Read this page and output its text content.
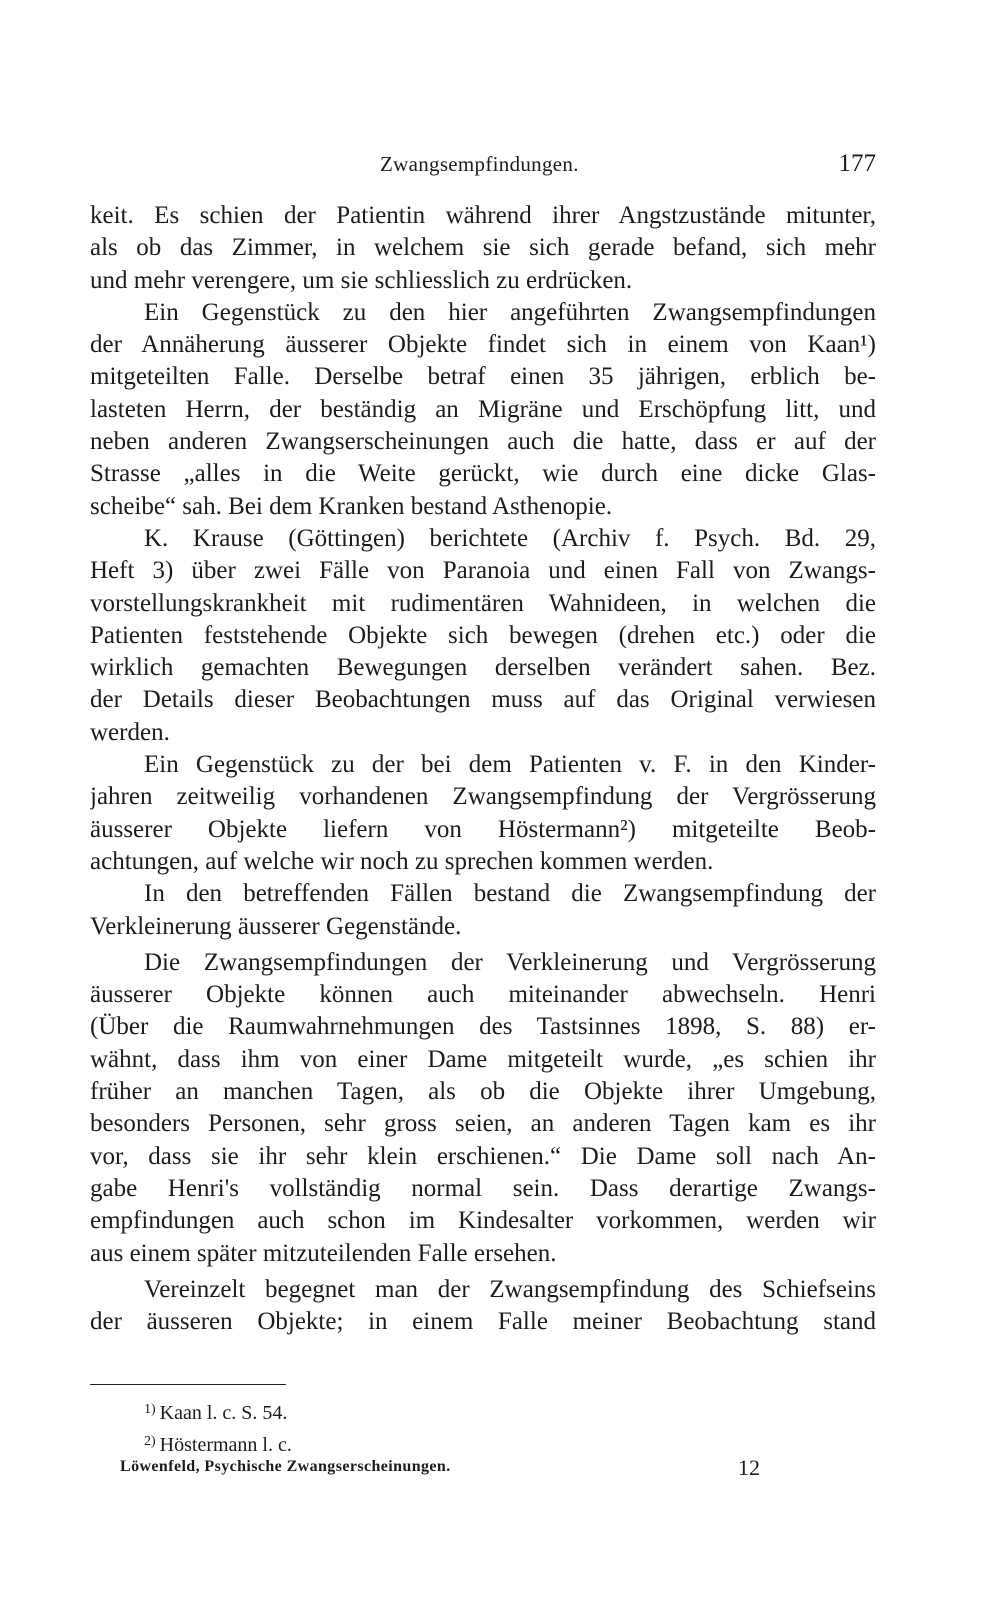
Zwangsempfindungen.	177
keit. Es schien der Patientin während ihrer Angstzustände mitunter,
als ob das Zimmer, in welchem sie sich gerade befand, sich mehr
und mehr verengere, um sie schliesslich zu erdrücken.
Ein Gegenstück zu den hier angeführten Zwangsempfindungen
der Annäherung äusserer Objekte findet sich in einem von Kaan¹)
mitgeteilten Falle. Derselbe betraf einen 35 jährigen, erblich be-
lasteten Herrn, der beständig an Migräne und Erschöpfung litt, und
neben anderen Zwangserscheinungen auch die hatte, dass er auf der
Strasse „alles in die Weite gerückt, wie durch eine dicke Glas-
scheibe“ sah. Bei dem Kranken bestand Asthenopie.
K. Krause (Göttingen) berichtete (Archiv f. Psych. Bd. 29,
Heft 3) über zwei Fälle von Paranoia und einen Fall von Zwangs-
vorstellungskrankheit mit rudimentären Wahnideen, in welchen die
Patienten feststehende Objekte sich bewegen (drehen etc.) oder die
wirklich gemachten Bewegungen derselben verändert sahen. Bez.
der Details dieser Beobachtungen muss auf das Original verwiesen
werden.
Ein Gegenstück zu der bei dem Patienten v. F. in den Kinder-
jahren zeitweilig vorhandenen Zwangsempfindung der Vergrösserung
äusserer Objekte liefern von Höstermann²) mitgeteilte Beob-
achtungen, auf welche wir noch zu sprechen kommen werden.
In den betreffenden Fällen bestand die Zwangsempfindung der
Verkleinerung äusserer Gegenstände.
Die Zwangsempfindungen der Verkleinerung und Vergrösserung
äusserer Objekte können auch miteinander abwechseln. Henri
(Über die Raumwahrnehmungen des Tastsinnes 1898, S. 88) er-
wähnt, dass ihm von einer Dame mitgeteilt wurde, „es schien ihr
früher an manchen Tagen, als ob die Objekte ihrer Umgebung,
besonders Personen, sehr gross seien, an anderen Tagen kam es ihr
vor, dass sie ihr sehr klein erschienen.“ Die Dame soll nach An-
gabe Henri's vollständig normal sein. Dass derartige Zwangs-
empfindungen auch schon im Kindesalter vorkommen, werden wir
aus einem später mitzuteilenden Falle ersehen.
Vereinzelt begegnet man der Zwangsempfindung des Schiefseins
der äusseren Objekte; in einem Falle meiner Beobachtung stand
$^{1)}$ Kaan l. c. S. 54.
$^{2)}$ Höstermann l. c.
Löwenfeld, Psychische Zwangserscheinungen.	12
